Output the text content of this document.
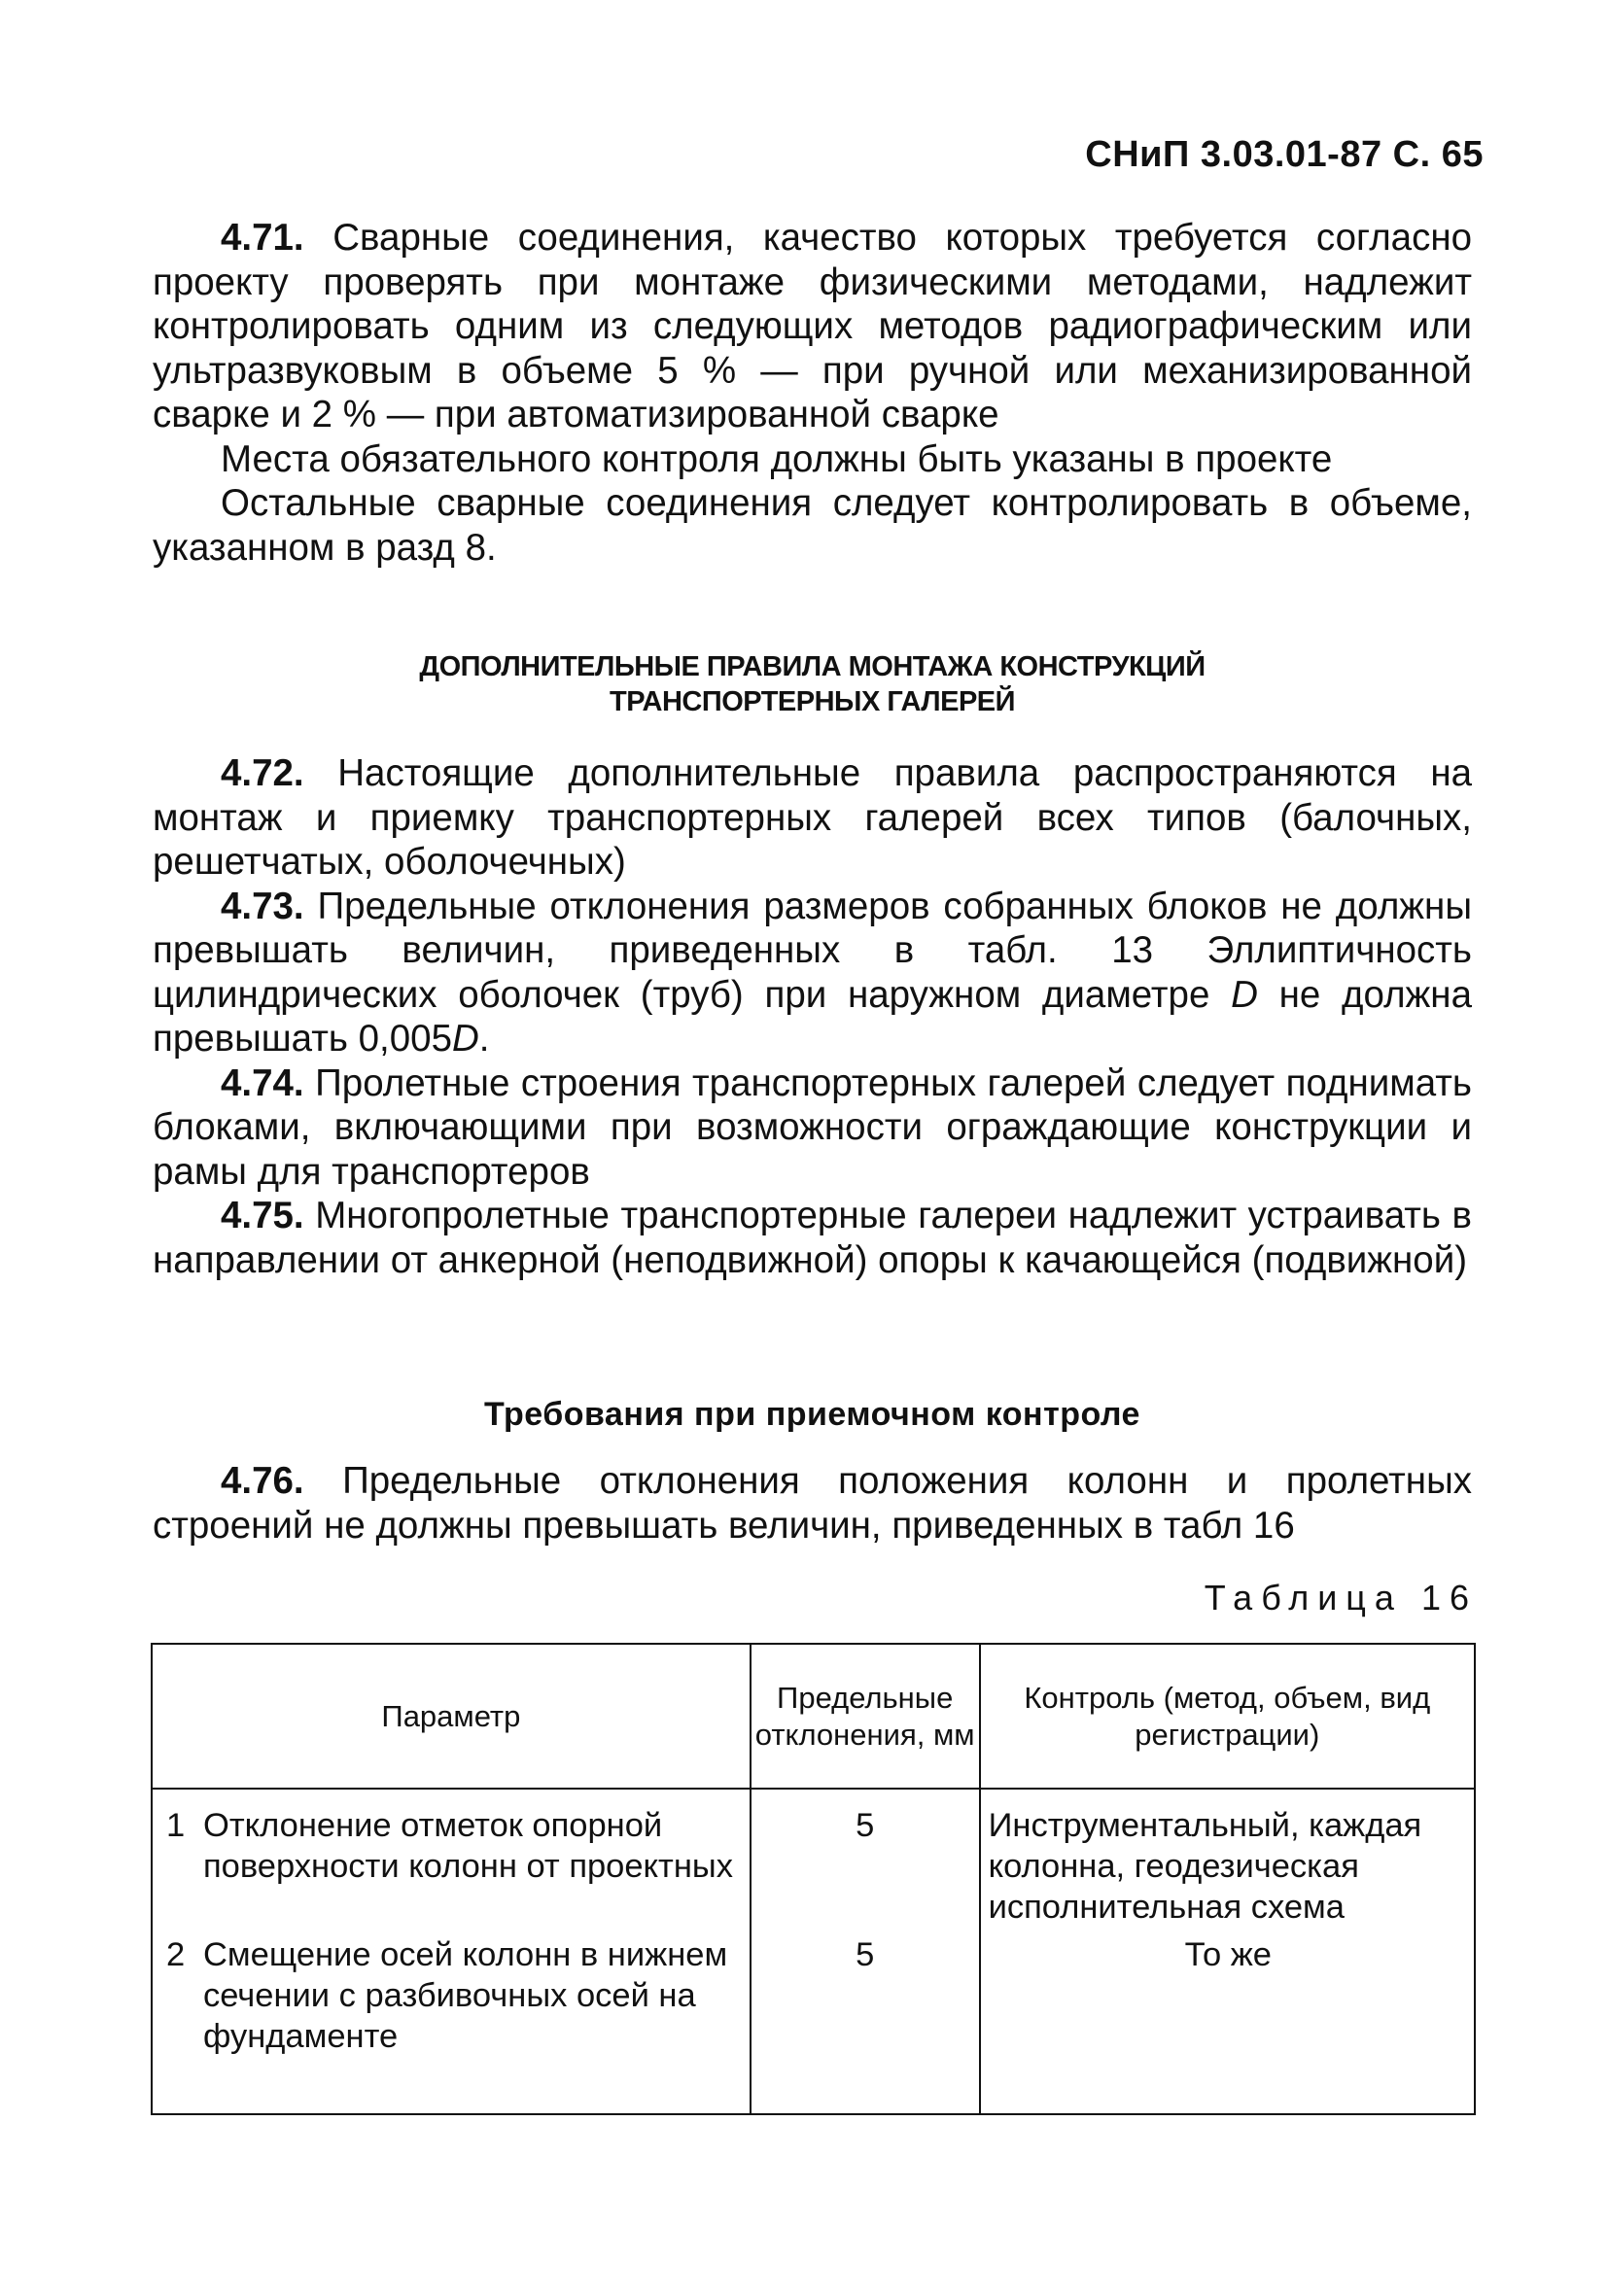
СНиП 3.03.01-87 С. 65

4.71. Сварные соединения, качество которых требуется согласно проекту проверять при монтаже физическими методами, надлежит контролировать одним из следующих методов радиографическим или ультразвуковым в объеме 5 % — при ручной или механизированной сварке и 2 % — при автоматизированной сварке

Места обязательного контроля должны быть указаны в проекте

Остальные сварные соединения следует контролировать в объеме, указанном в разд 8.

ДОПОЛНИТЕЛЬНЫЕ ПРАВИЛА МОНТАЖА КОНСТРУКЦИЙ
ТРАНСПОРТЕРНЫХ ГАЛЕРЕЙ

4.72. Настоящие дополнительные правила распространяются на монтаж и приемку транспортерных галерей всех типов (балочных, решетчатых, оболочечных)

4.73. Предельные отклонения размеров собранных блоков не должны превышать величин, приведенных в табл. 13 Эллиптичность цилиндрических оболочек (труб) при наружном диаметре D не должна превышать 0,005D.

4.74. Пролетные строения транспортерных галерей следует поднимать блоками, включающими при возможности ограждающие конструкции и рамы для транспортеров

4.75. Многопролетные транспортерные галереи надлежит устраивать в направлении от анкерной (неподвижной) опоры к качающейся (подвижной)

Требования при приемочном контроле

4.76. Предельные отклонения положения колонн и пролетных строений не должны превышать величин, приведенных в табл 16

Таблица 16
Параметр	Предельные отклонения, мм	Контроль (метод, объем, вид регистрации)

1 Отклонение отметок опорной поверхности колонн от проектных	5	Инструментальный, каждая колонна, геодезическая исполнительная схема

2 Смещение осей колонн в нижнем сечении с разбивочных осей на фундаменте	5	То же
